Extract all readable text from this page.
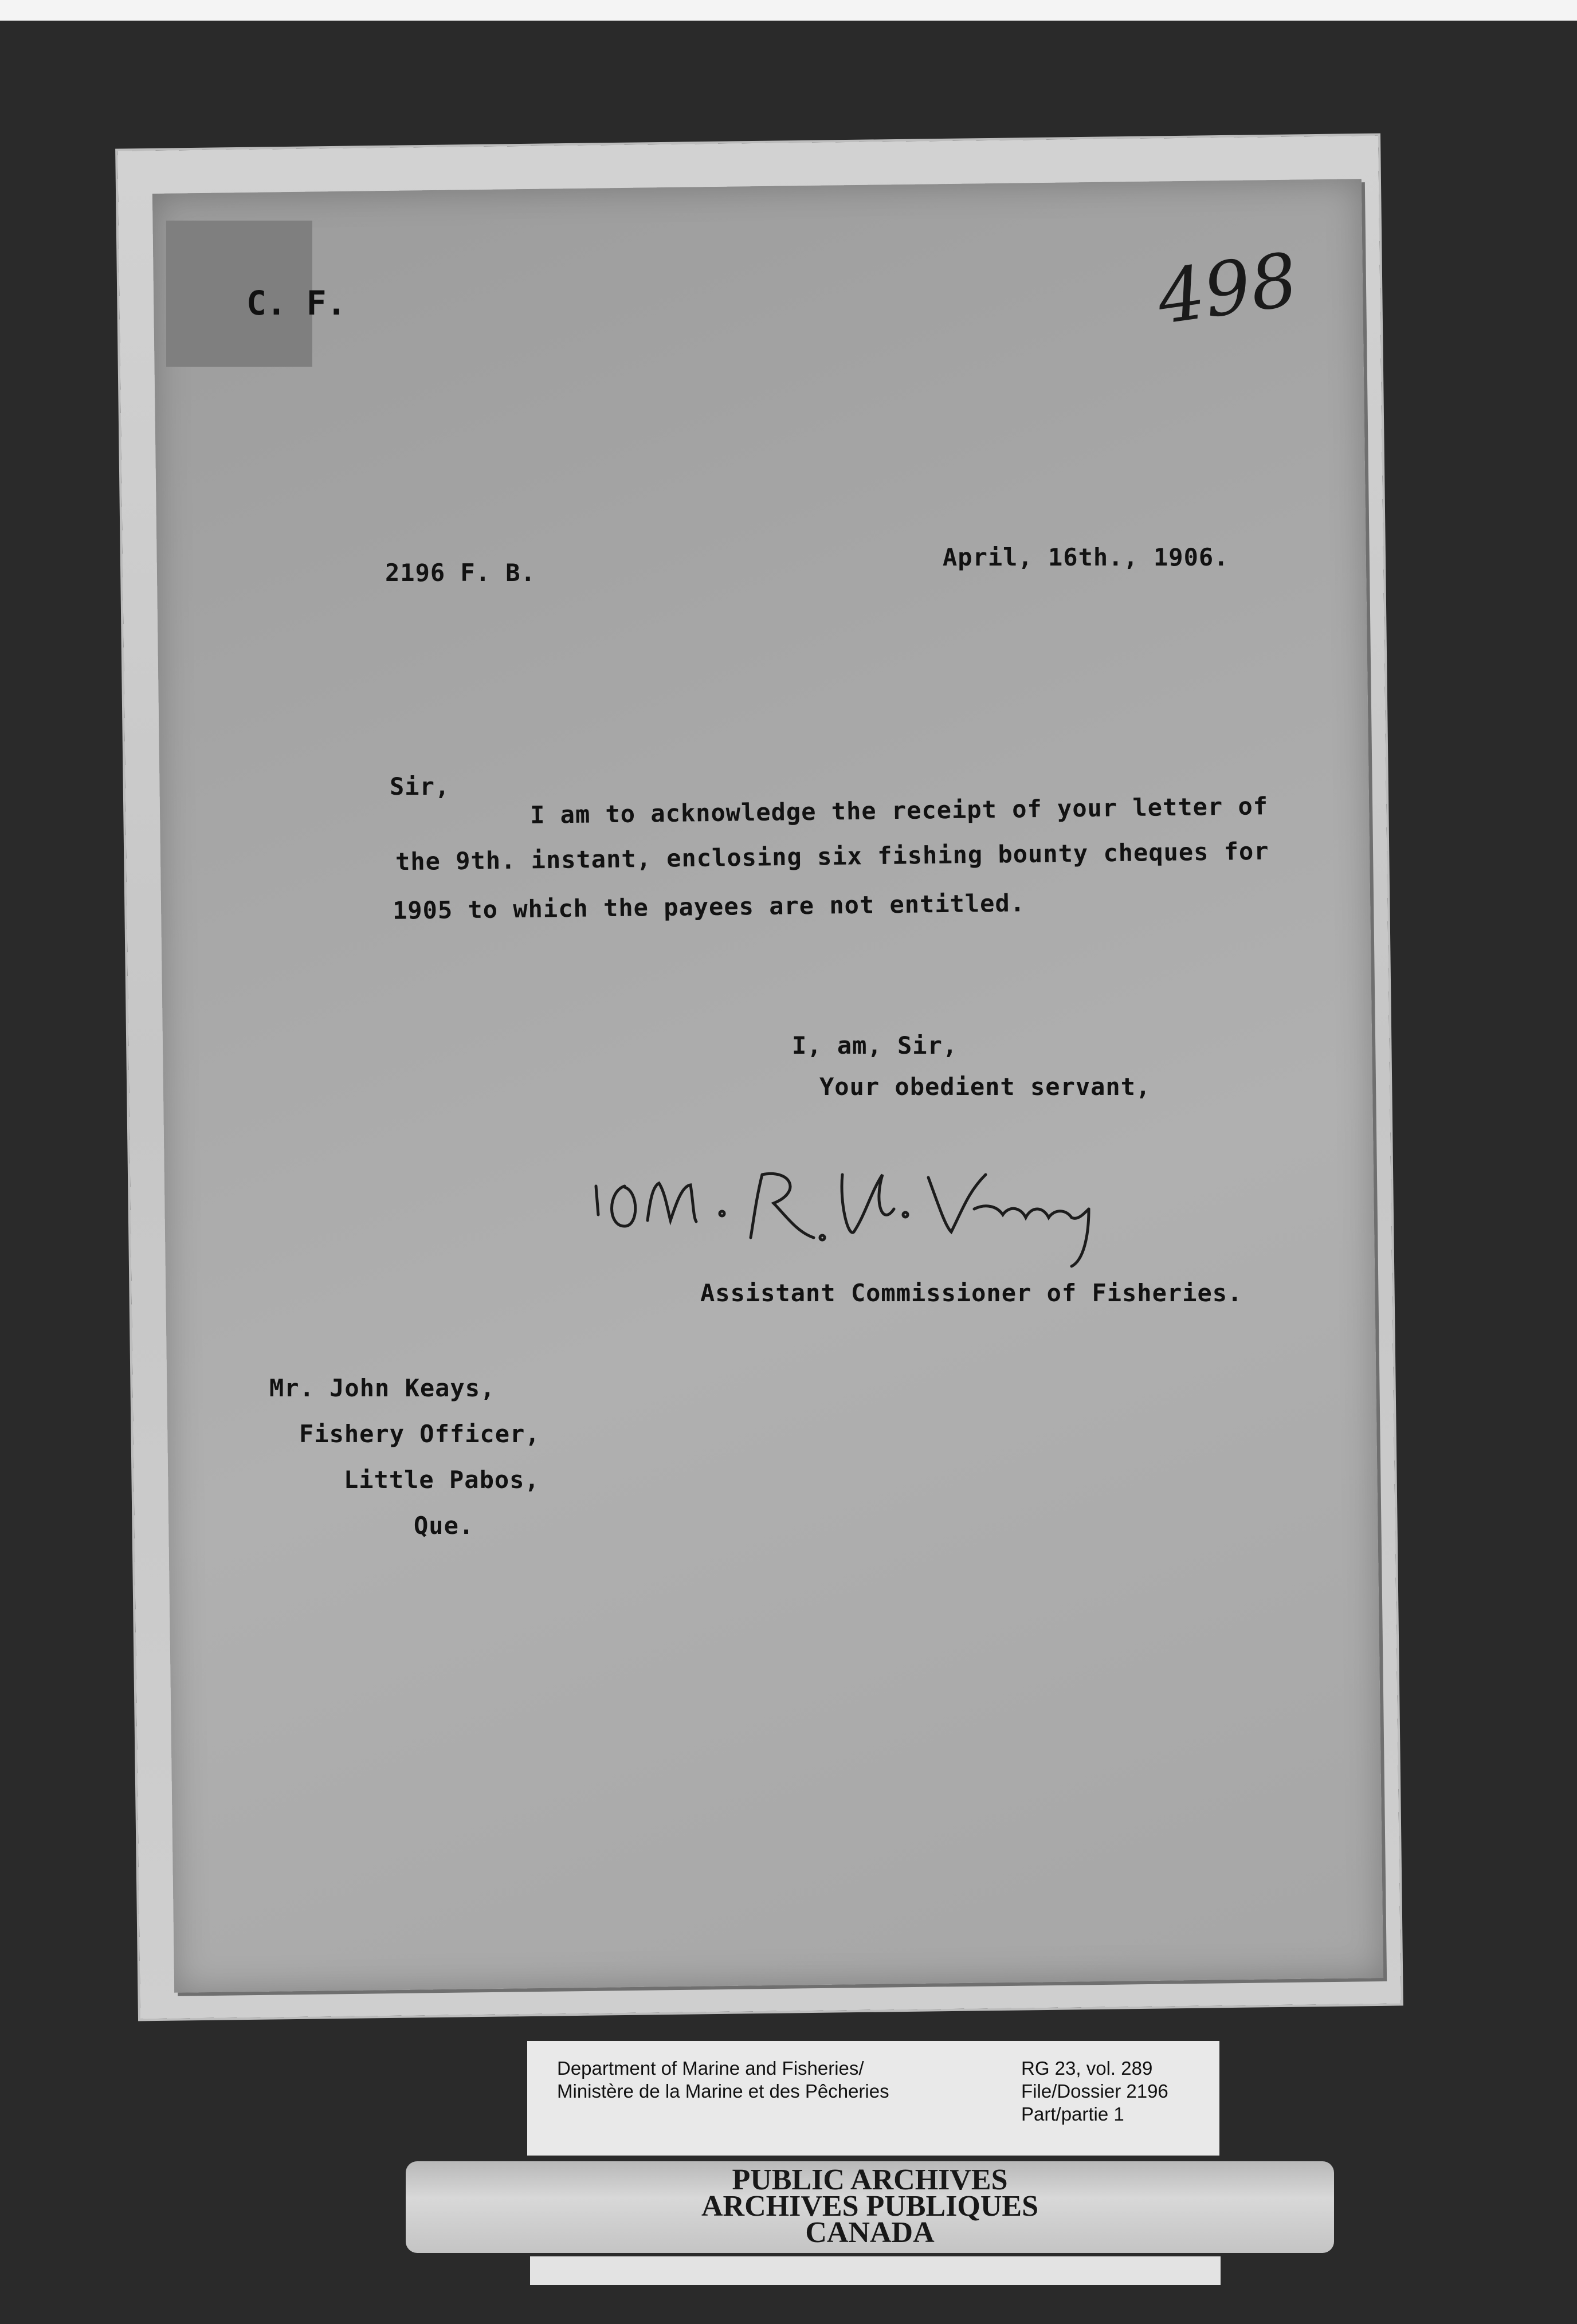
C. F.	498
2196 F. B.
April, 16th., 1906.
Sir,
I am to acknowledge the receipt of your letter of
the 9th. instant, enclosing six fishing bounty cheques for
1905 to which the payees are not entitled.
I, am, Sir,
Your obedient servant,
Assistant Commissioner of Fisheries.
Mr. John Keays,
Fishery Officer,
Little Pabos,
Que.
Department of Marine and Fisheries/
Ministère de la Marine et des Pêcheries
RG 23, vol. 289
File/Dossier 2196
Part/partie 1
PUBLIC ARCHIVES
ARCHIVES PUBLIQUES
CANADA
